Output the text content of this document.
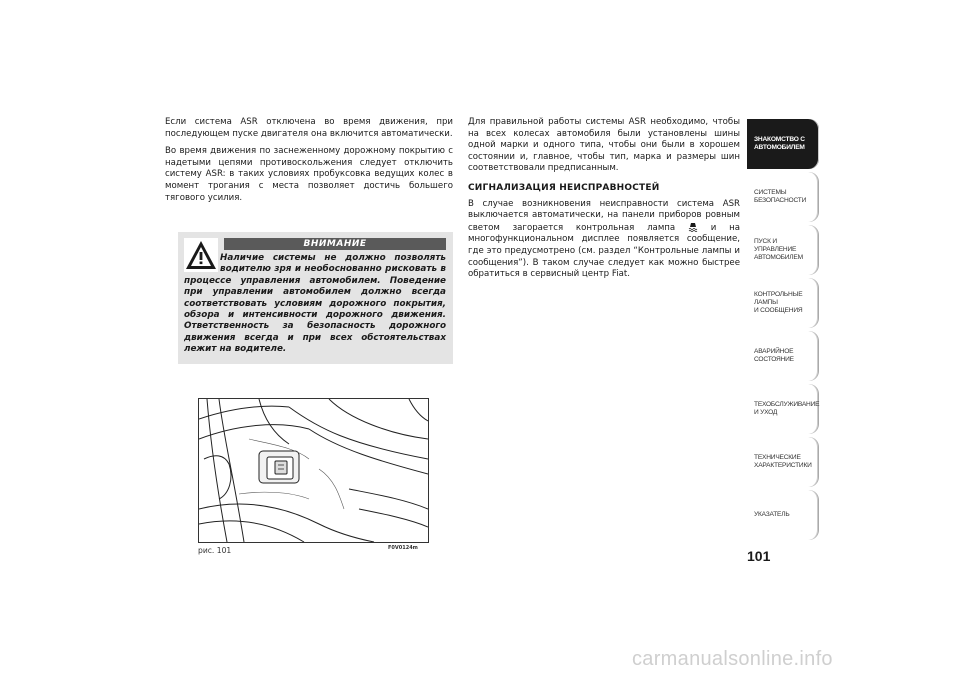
Если система ASR отключена во время движения, при последующем пуске двигателя она включится автоматически.

Во время движения по заснеженному дорожному покрытию с надетыми цепями противоскольжения следует отключить систему ASR: в таких условиях пробуксовка ведущих колес в момент трогания с места позволяет достичь большего тягового усилия.

ВНИМАНИЕ
Наличие системы не должно позволять водителю зря и необоснованно рисковать в процессе управления автомобилем. Поведение при управлении автомобилем должно всегда соответствовать условиям дорожного покрытия, обзора и интенсивности дорожного движения. Ответственность за безопасность дорожного движения всегда и при всех обстоятельствах лежит на водителе.
рис. 101	F0V0124m

Для правильной работы системы ASR необходимо, чтобы на всех колесах автомобиля были установлены шины одной марки и одного типа, чтобы они были в хорошем состоянии и, главное, чтобы тип, марка и размеры шин соответствовали предписанным.

СИГНАЛИЗАЦИЯ НЕИСПРАВНОСТЕЙ

В случае возникновения неисправности система ASR выключается автоматически, на панели приборов ровным светом загорается контрольная лампа	и на многофункциональном дисплее появляется сообщение, где это предусмотрено (см. раздел “Контрольные лампы и сообщения”). В таком случае следует как можно быстрее обратиться в сервисный центр Fiat.

ЗНАКОМСТВО С
АВТОМОБИЛЕМ
СИСТЕМЫ
БЕЗОПАСНОСТИ
ПУСК И УПРАВЛЕНИЕ
АВТОМОБИЛЕМ
КОНТРОЛЬНЫЕ
ЛАМПЫ
И СООБЩЕНИЯ
АВАРИЙНОЕ
СОСТОЯНИЕ
ТЕХОБСЛУЖИВАНИЕ
И УХОД
ТЕХНИЧЕСКИЕ
ХАРАКТЕРИСТИКИ
УКАЗАТЕЛЬ
101
carmanualsonline.info
